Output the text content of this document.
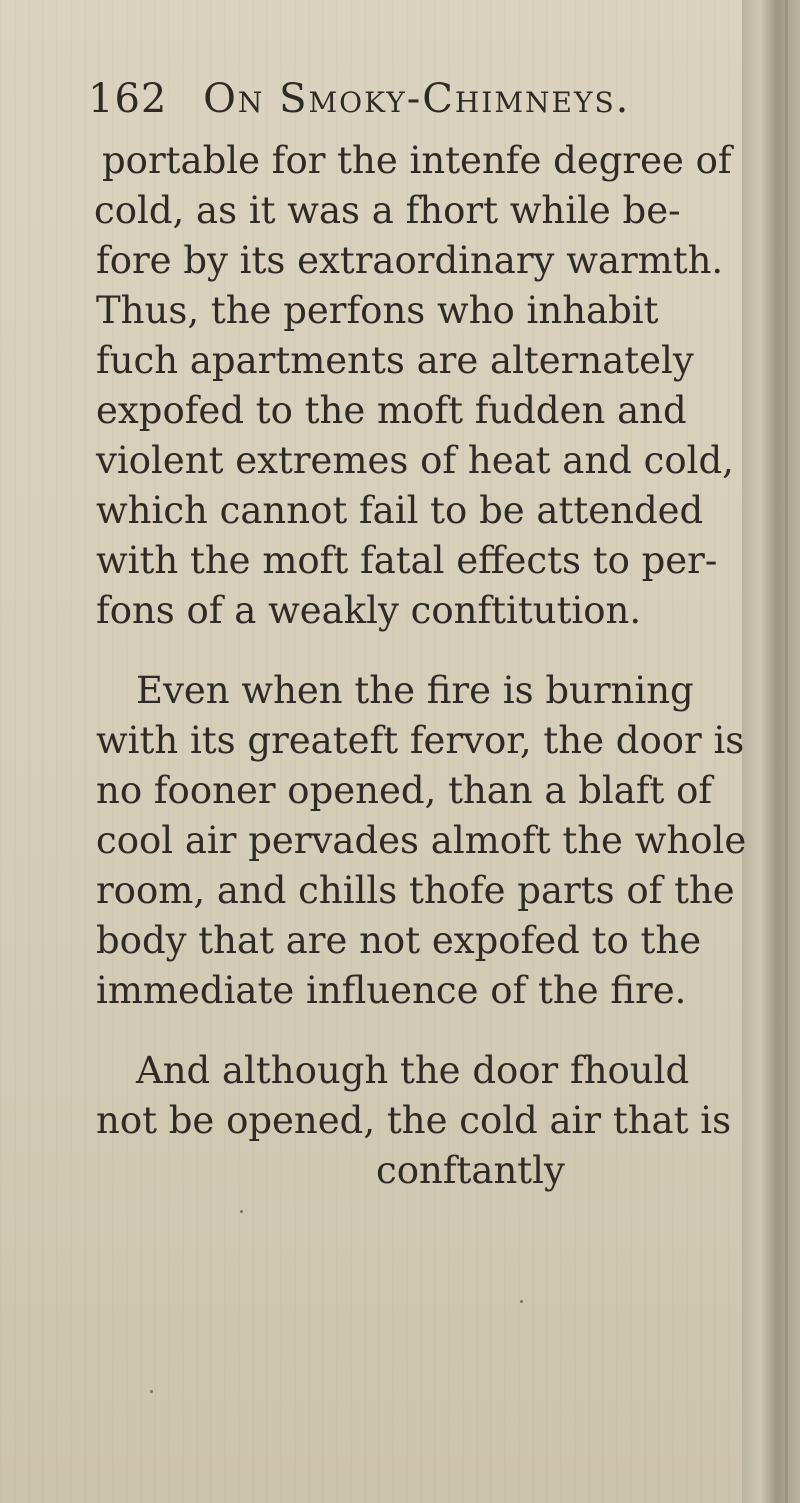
162 On Smoky-Chimneys.
portable for the intenfe degree of
cold, as it was a fhort while be-
fore by its extraordinary warmth.
Thus, the perfons who inhabit
fuch apartments are alternately
expofed to the moft fudden and
violent extremes of heat and cold,
which cannot fail to be attended
with the moft fatal effects to per-
fons of a weakly conftitution.
Even when the fire is burning
with its greateft fervor, the door is
no fooner opened, than a blaft of
cool air pervades almoft the whole
room, and chills thofe parts of the
body that are not expofed to the
immediate influence of the fire.
And although the door fhould
not be opened, the cold air that is
conftantly
